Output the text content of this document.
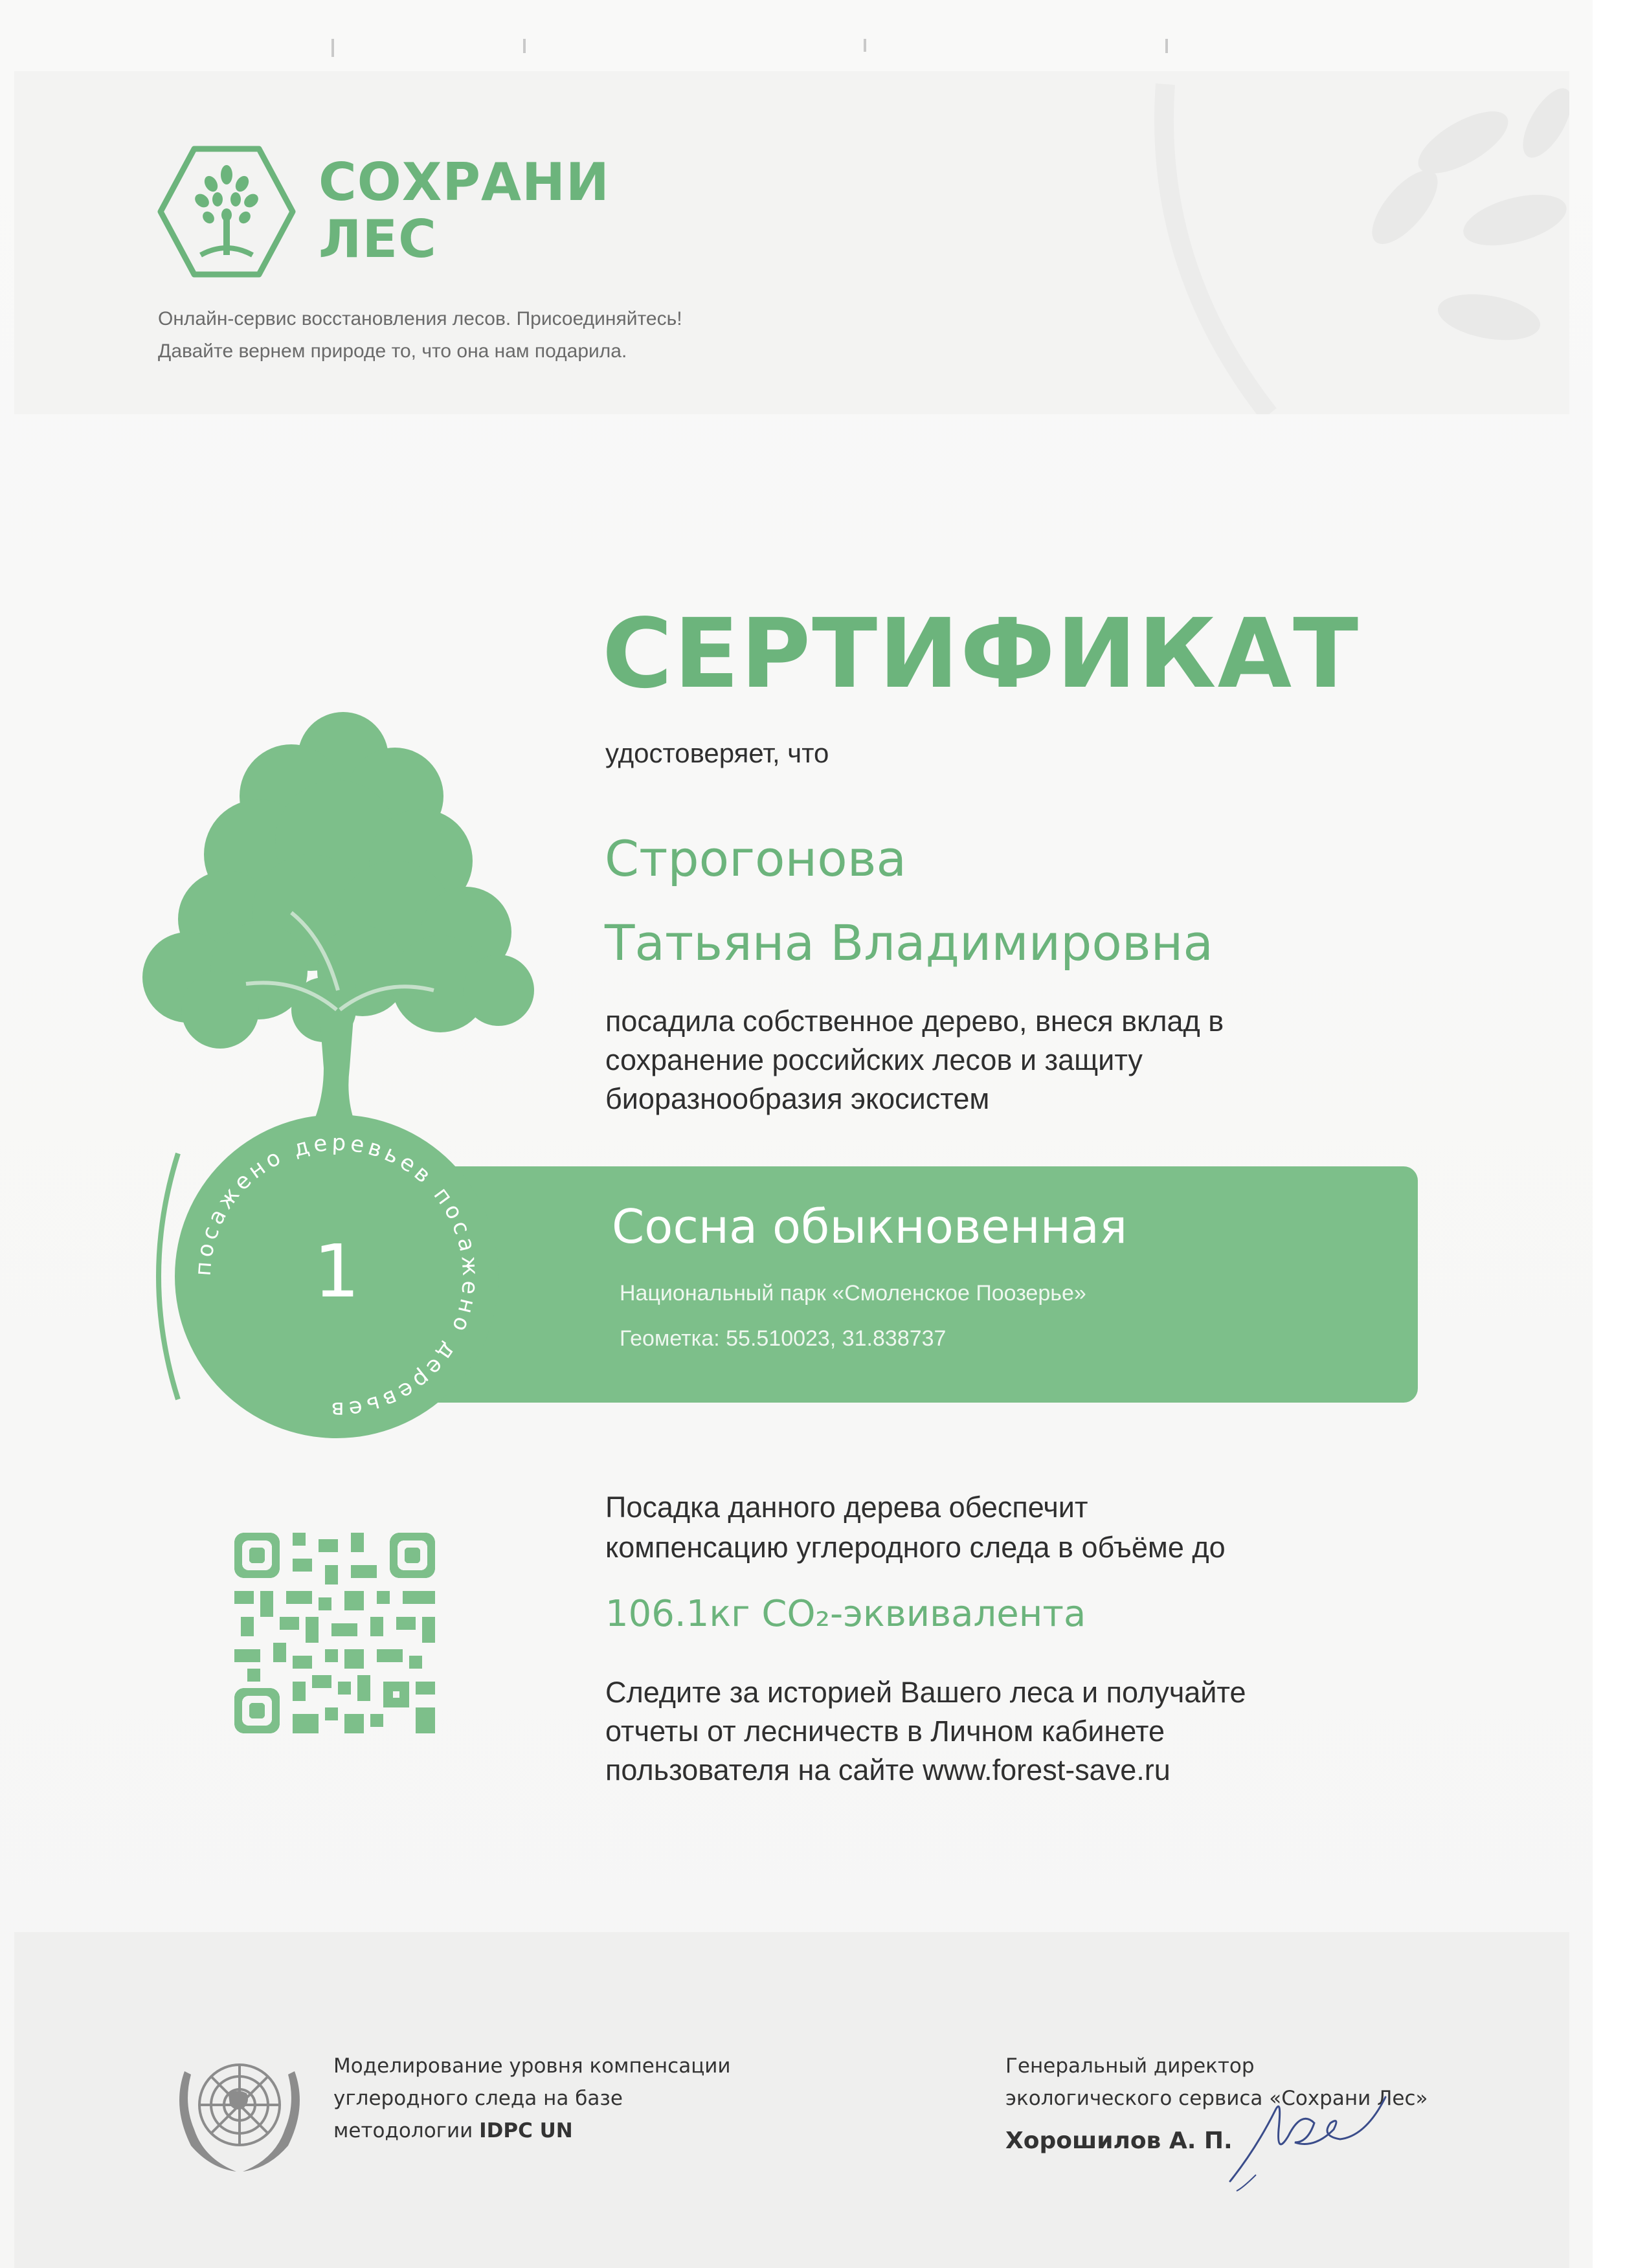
СОХРАНИ
ЛЕС
Онлайн-сервис восстановления лесов. Присоединяйтесь!
Давайте вернем природе то, что она нам подарила.
СЕРТИФИКАТ
удостоверяет, что
Строгонова
Татьяна Владимировна
посадила собственное дерево, внеся вклад в
сохранение российских лесов и защиту
биоразнообразия экосистем
посажено деревьев посажено деревьев
1
Сосна обыкновенная
Национальный парк «Смоленское Поозерье»
Геометка: 55.510023, 31.838737
Посадка данного дерева обеспечит
компенсацию углеродного следа в объёме до
106.1кг CO₂-эквивалента
Следите за историей Вашего леса и получайте
отчеты от лесничеств в Личном кабинете
пользователя на сайте www.forest-save.ru
Моделирование уровня компенсации
углеродного следа на базе
методологии IDPC UN
Генеральный директор
экологического сервиса «Сохрани Лес»
Хорошилов А. П.
